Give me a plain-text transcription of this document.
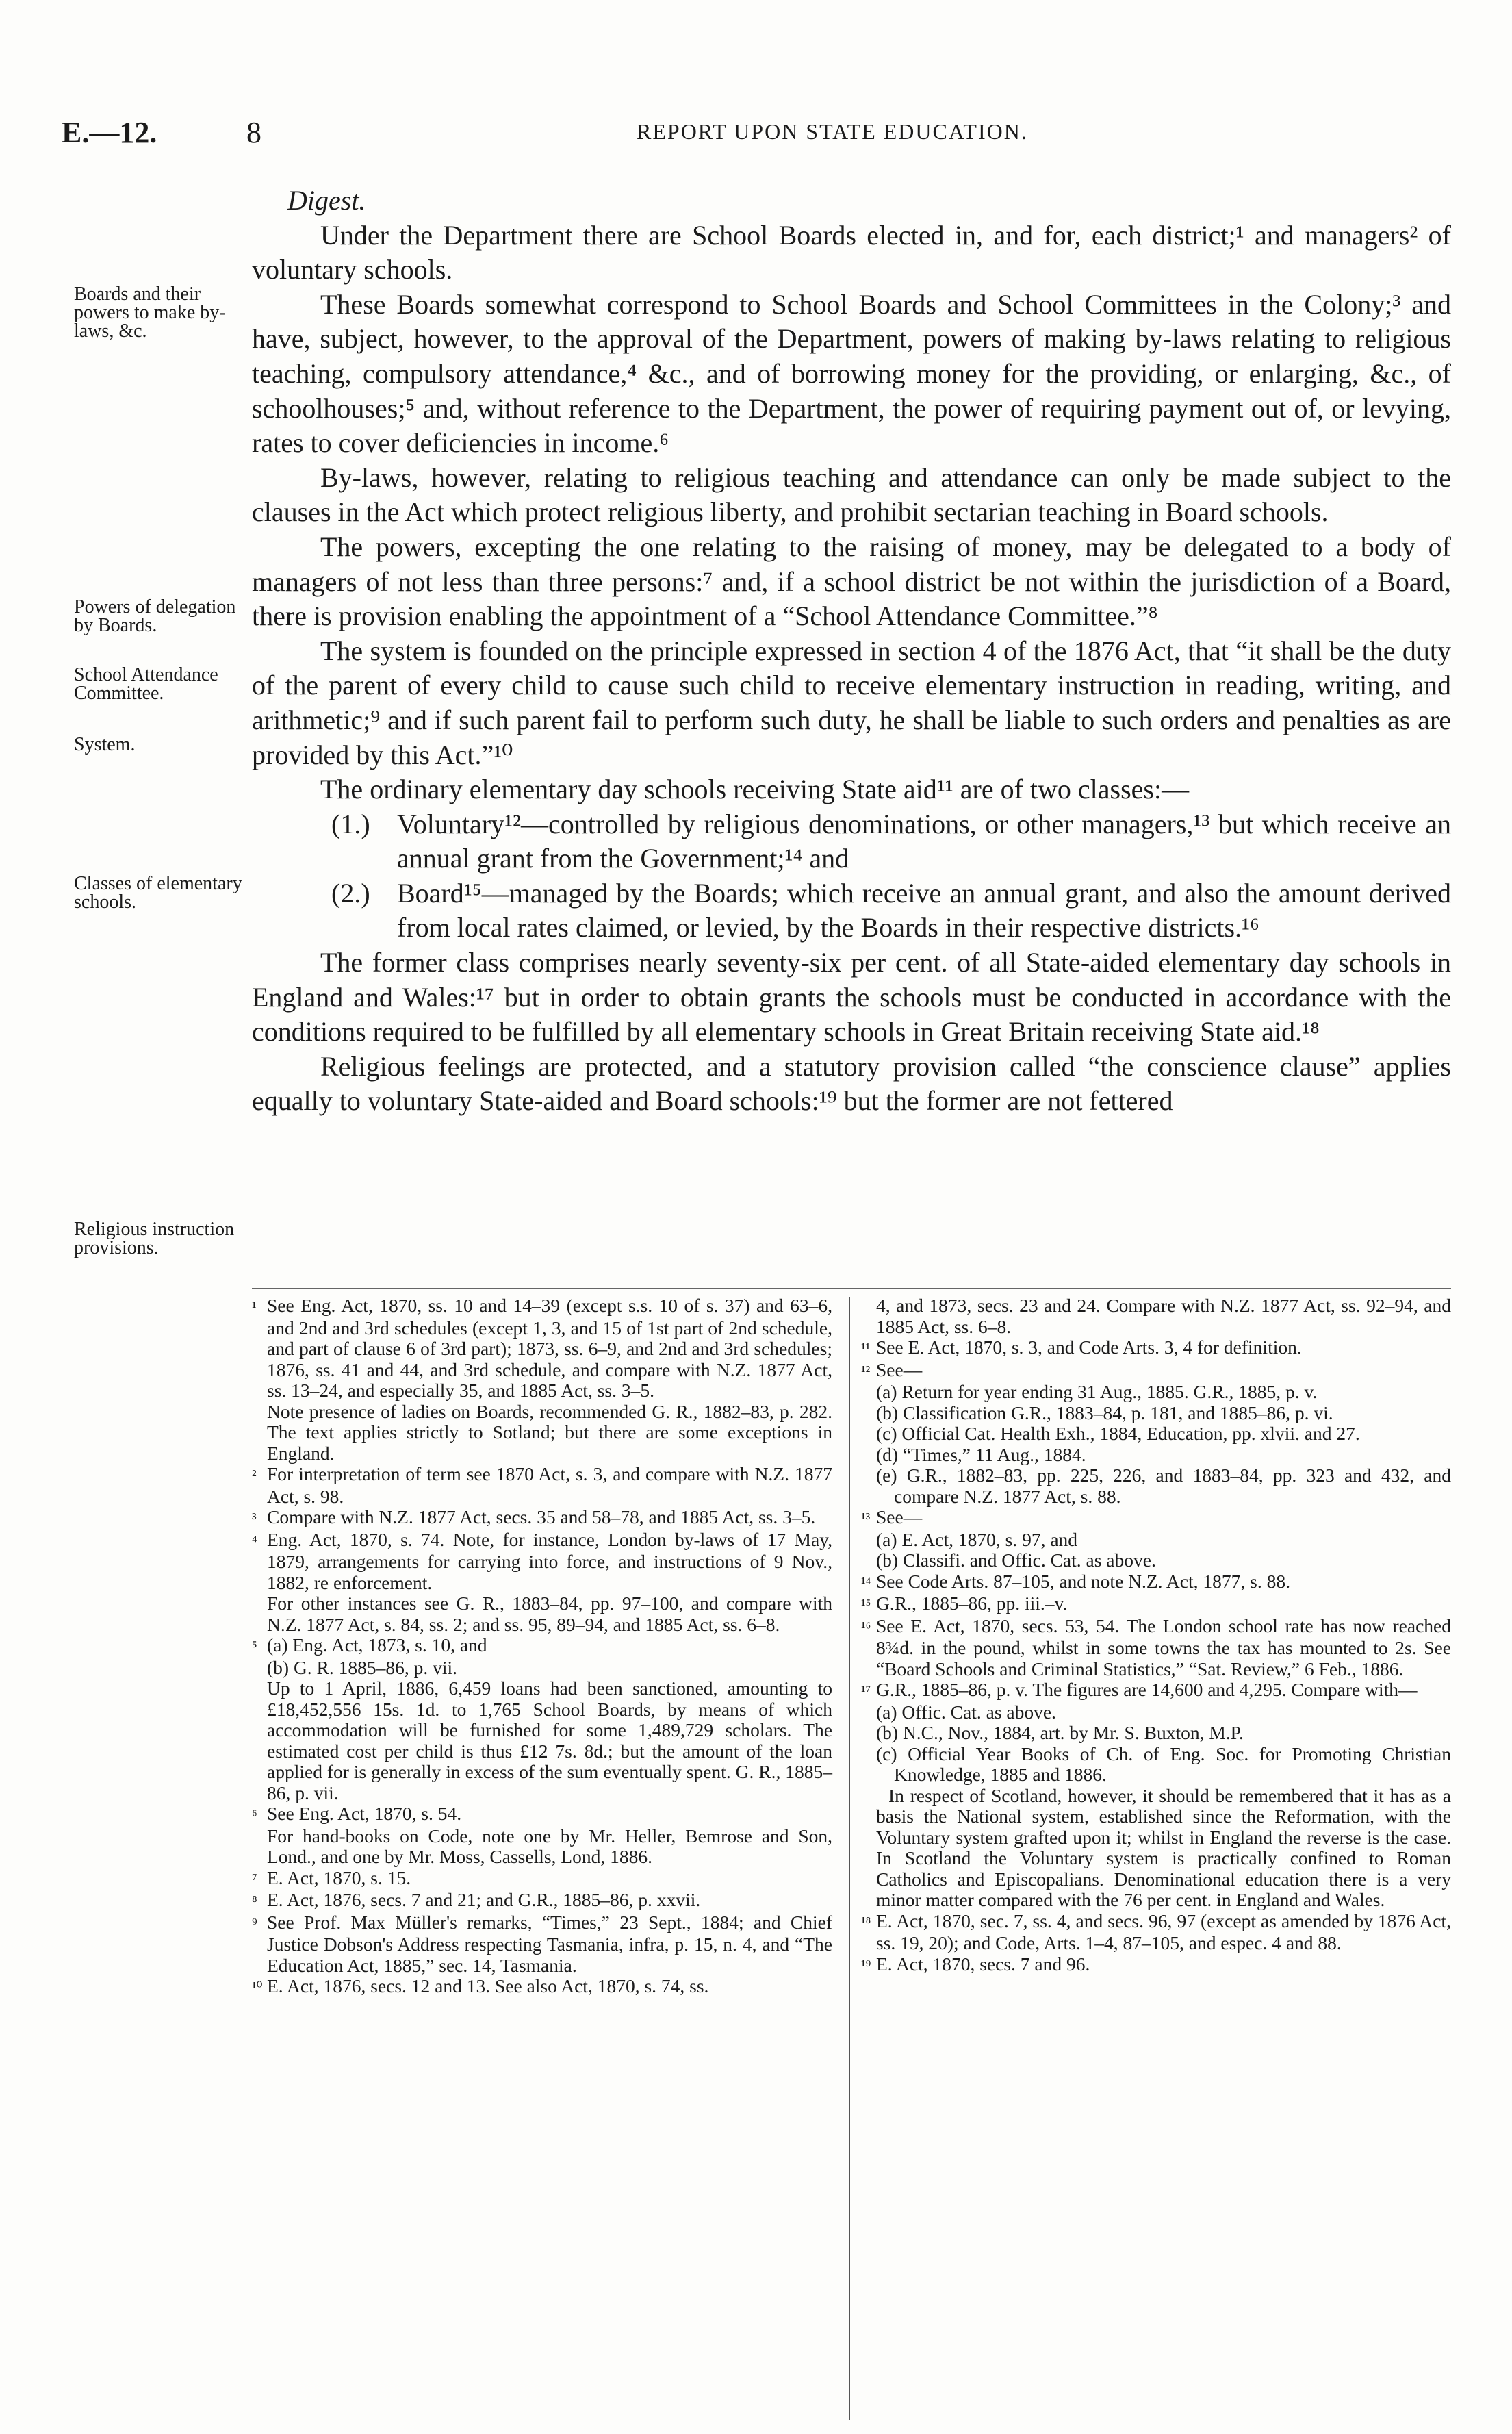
E.—12.	8	REPORT UPON STATE EDUCATION.
Boards and their powers to make by-laws, &c.
Powers of delegation by Boards.
School Attendance Committee.
System.
Classes of elementary schools.
Religious instruction provisions.

Digest.

Under the Department there are School Boards elected in, and for, each district;¹ and managers² of voluntary schools.

These Boards somewhat correspond to School Boards and School Committees in the Colony;³ and have, subject, however, to the approval of the Department, powers of making by-laws relating to religious teaching, compulsory attendance,⁴ &c., and of borrowing money for the providing, or enlarging, &c., of schoolhouses;⁵ and, without reference to the Department, the power of requiring payment out of, or levying, rates to cover deficiencies in income.⁶

By-laws, however, relating to religious teaching and attendance can only be made subject to the clauses in the Act which protect religious liberty, and prohibit sectarian teaching in Board schools.

The powers, excepting the one relating to the raising of money, may be delegated to a body of managers of not less than three persons:⁷ and, if a school district be not within the jurisdiction of a Board, there is provision enabling the appointment of a “School Attendance Committee.”⁸

The system is founded on the principle expressed in section 4 of the 1876 Act, that “it shall be the duty of the parent of every child to cause such child to receive elementary instruction in reading, writing, and arithmetic;⁹ and if such parent fail to perform such duty, he shall be liable to such orders and penalties as are provided by this Act.”¹⁰

The ordinary elementary day schools receiving State aid¹¹ are of two classes:—

(1.) Voluntary¹²—controlled by religious denominations, or other managers,¹³ but which receive an annual grant from the Government;¹⁴ and

(2.) Board¹⁵—managed by the Boards; which receive an annual grant, and also the amount derived from local rates claimed, or levied, by the Boards in their respective districts.¹⁶

The former class comprises nearly seventy-six per cent. of all State-aided elementary day schools in England and Wales:¹⁷ but in order to obtain grants the schools must be conducted in accordance with the conditions required to be fulfilled by all elementary schools in Great Britain receiving State aid.¹⁸

Religious feelings are protected, and a statutory provision called “the conscience clause” applies equally to voluntary State-aided and Board schools:¹⁹ but the former are not fettered

¹ See Eng. Act, 1870, ss. 10 and 14–39 (except s.s. 10 of s. 37) and 63–6, and 2nd and 3rd schedules (except 1, 3, and 15 of 1st part of 2nd schedule, and part of clause 6 of 3rd part); 1873, ss. 6–9, and 2nd and 3rd schedules; 1876, ss. 41 and 44, and 3rd schedule, and compare with N.Z. 1877 Act, ss. 13–24, and especially 35, and 1885 Act, ss. 3–5.

Note presence of ladies on Boards, recommended G. R., 1882–83, p. 282. The text applies strictly to Sotland; but there are some exceptions in England.

² For interpretation of term see 1870 Act, s. 3, and compare with N.Z. 1877 Act, s. 98.

³ Compare with N.Z. 1877 Act, secs. 35 and 58–78, and 1885 Act, ss. 3–5.

⁴ Eng. Act, 1870, s. 74. Note, for instance, London by-laws of 17 May, 1879, arrangements for carrying into force, and instructions of 9 Nov., 1882, re enforcement.

For other instances see G. R., 1883–84, pp. 97–100, and compare with N.Z. 1877 Act, s. 84, ss. 2; and ss. 95, 89–94, and 1885 Act, ss. 6–8.

⁵ (a) Eng. Act, 1873, s. 10, and

(b) G. R. 1885–86, p. vii.

Up to 1 April, 1886, 6,459 loans had been sanctioned, amounting to £18,452,556 15s. 1d. to 1,765 School Boards, by means of which accommodation will be furnished for some 1,489,729 scholars. The estimated cost per child is thus £12 7s. 8d.; but the amount of the loan applied for is generally in excess of the sum eventually spent. G. R., 1885–86, p. vii.

⁶ See Eng. Act, 1870, s. 54.

For hand-books on Code, note one by Mr. Heller, Bemrose and Son, Lond., and one by Mr. Moss, Cassells, Lond, 1886.

⁷ E. Act, 1870, s. 15.

⁸ E. Act, 1876, secs. 7 and 21; and G.R., 1885–86, p. xxvii.

⁹ See Prof. Max Müller's remarks, “Times,” 23 Sept., 1884; and Chief Justice Dobson's Address respecting Tasmania, infra, p. 15, n. 4, and “The Education Act, 1885,” sec. 14, Tasmania.

¹⁰ E. Act, 1876, secs. 12 and 13. See also Act, 1870, s. 74, ss.

4, and 1873, secs. 23 and 24. Compare with N.Z. 1877 Act, ss. 92–94, and 1885 Act, ss. 6–8.

¹¹ See E. Act, 1870, s. 3, and Code Arts. 3, 4 for definition.

¹² See—

(a) Return for year ending 31 Aug., 1885. G.R., 1885, p. v.

(b) Classification G.R., 1883–84, p. 181, and 1885–86, p. vi.

(c) Official Cat. Health Exh., 1884, Education, pp. xlvii. and 27.

(d) “Times,” 11 Aug., 1884.

(e) G.R., 1882–83, pp. 225, 226, and 1883–84, pp. 323 and 432, and compare N.Z. 1877 Act, s. 88.

¹³ See—

(a) E. Act, 1870, s. 97, and

(b) Classifi. and Offic. Cat. as above.

¹⁴ See Code Arts. 87–105, and note N.Z. Act, 1877, s. 88.

¹⁵ G.R., 1885–86, pp. iii.–v.

¹⁶ See E. Act, 1870, secs. 53, 54. The London school rate has now reached 8¾d. in the pound, whilst in some towns the tax has mounted to 2s. See “Board Schools and Criminal Statistics,” “Sat. Review,” 6 Feb., 1886.

¹⁷ G.R., 1885–86, p. v. The figures are 14,600 and 4,295. Compare with—

(a) Offic. Cat. as above.

(b) N.C., Nov., 1884, art. by Mr. S. Buxton, M.P.

(c) Official Year Books of Ch. of Eng. Soc. for Promoting Christian Knowledge, 1885 and 1886.

In respect of Scotland, however, it should be remembered that it has as a basis the National system, established since the Reformation, with the Voluntary system grafted upon it; whilst in England the reverse is the case. In Scotland the Voluntary system is practically confined to Roman Catholics and Episcopalians. Denominational education there is a very minor matter compared with the 76 per cent. in England and Wales.

¹⁸ E. Act, 1870, sec. 7, ss. 4, and secs. 96, 97 (except as amended by 1876 Act, ss. 19, 20); and Code, Arts. 1–4, 87–105, and espec. 4 and 88.

¹⁹ E. Act, 1870, secs. 7 and 96.
